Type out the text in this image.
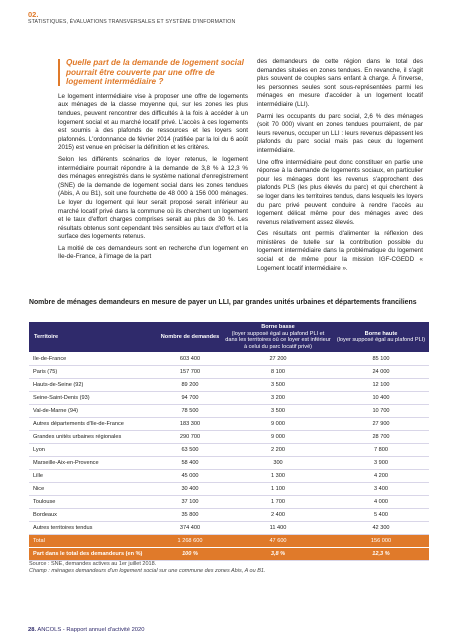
02.
STATISTIQUES, ÉVALUATIONS TRANSVERSALES ET SYSTÈME D'INFORMATION
Quelle part de la demande de logement social pourrait être couverte par une offre de logement intermédiaire ?

Le logement intermédiaire vise à proposer une offre de logements aux ménages de la classe moyenne qui, sur les zones les plus tendues, peuvent rencontrer des difficultés à la fois à accéder à un logement social et au marché locatif privé. L'accès à ces logements est soumis à des plafonds de ressources et les loyers sont plafonnés. L'ordonnance de février 2014 (ratifiée par la loi du 6 août 2015) est venue en préciser la définition et les critères.

Selon les différents scénarios de loyer retenus, le logement intermédiaire pourrait répondre à la demande de 3,8 % à 12,3 % des ménages enregistrés dans le système national d'enregistrement (SNE) de la demande de logement social dans les zones tendues (Abis, A ou B1), soit une fourchette de 48 000 à 156 000 ménages. Le loyer du logement qui leur serait proposé serait inférieur au marché locatif privé dans la commune où ils cherchent un logement et le taux d'effort charges comprises serait au plus de 30 %. Les résultats obtenus sont cependant très sensibles au taux d'effort et la surface des logements retenus.

La moitié de ces demandeurs sont en recherche d'un logement en Ile-de-France, à l'image de la part

des demandeurs de cette région dans le total des demandes situées en zones tendues. En revanche, il s'agit plus souvent de couples sans enfant à charge. À l'inverse, les personnes seules sont sous-représentées parmi les ménages en mesure d'accéder à un logement locatif intermédiaire (LLI).

Parmi les occupants du parc social, 2,6 % des ménages (soit 70 000) vivant en zones tendues pourraient, de par leurs revenus, occuper un LLI : leurs revenus dépassent les plafonds du parc social mais pas ceux du logement intermédiaire.

Une offre intermédiaire peut donc constituer en partie une réponse à la demande de logements sociaux, en particulier pour les ménages dont les revenus s'approchent des plafonds PLS (les plus élevés du parc) et qui cherchent à se loger dans les territoires tendus, dans lesquels les loyers du parc privé peuvent conduire à rendre l'accès au logement délicat même pour des ménages avec des revenus relativement assez élevés.

Ces résultats ont permis d'alimenter la réflexion des ministères de tutelle sur la contribution possible du logement intermédiaire dans la problématique du logement social et de même pour la mission IGF-CGEDD « Logement locatif intermédiaire ».

Nombre de ménages demandeurs en mesure de payer un LLI, par grandes unités urbaines et départements franciliens
Territoire	Nombre de demandes	Borne basse
(loyer supposé égal au plafond PLI et dans les territoires où ce loyer est inférieur à celui du parc locatif privé)	Borne haute
(loyer supposé égal au plafond PLI)

Ile-de-France	603 400	27 200	85 100
Paris (75)	157 700	8 100	24 000
Hauts-de-Seine (92)	89 200	3 500	12 100
Seine-Saint-Denis (93)	94 700	3 200	10 400
Val-de-Marne (94)	78 500	3 500	10 700
Autres départements d'Ile-de-France	183 300	9 000	27 900
Grandes unités urbaines régionales	290 700	9 000	28 700
Lyon	63 500	2 200	7 800
Marseille-Aix-en-Provence	58 400	300	3 900
Lille	45 000	1 300	4 200
Nice	30 400	1 100	3 400
Toulouse	37 100	1 700	4 000
Bordeaux	35 800	2 400	5 400
Autres territoires tendus	374 400	11 400	42 300
Total	1 268 600	47 600	156 000
Part dans le total des demandeurs (en %)	100 %	3,8 %	12,3 %
Source : SNE, demandes actives au 1er juillet 2018.
Champ : ménages demandeurs d'un logement social sur une commune des zones Abis, A ou B1.
28. ANCOLS - Rapport annuel d'activité 2020
